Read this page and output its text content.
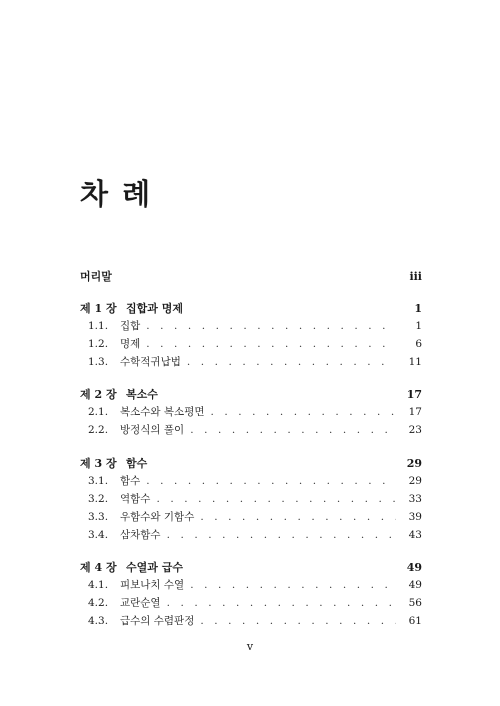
차 례
머리말	iii
제 1 장 집합과 명제	1
1.1.	집합 . . .	1
1.2.	명제 . . .	6
1.3.	수학적귀납법 . . .	11
제 2 장 복소수	17
2.1.	복소수와 복소평면 . . .	17
2.2.	방정식의 풀이 . . .	23
제 3 장 함수	29
3.1.	함수 . . .	29
3.2.	역함수 . . .	33
3.3.	우함수와 기함수 . . .	39
3.4.	삼차함수 . . .	43
제 4 장 수열과 급수	49
4.1.	피보나치 수열 . . .	49
4.2.	교란순열 . . .	56
4.3.	급수의 수렴판정 . . .	61
v
